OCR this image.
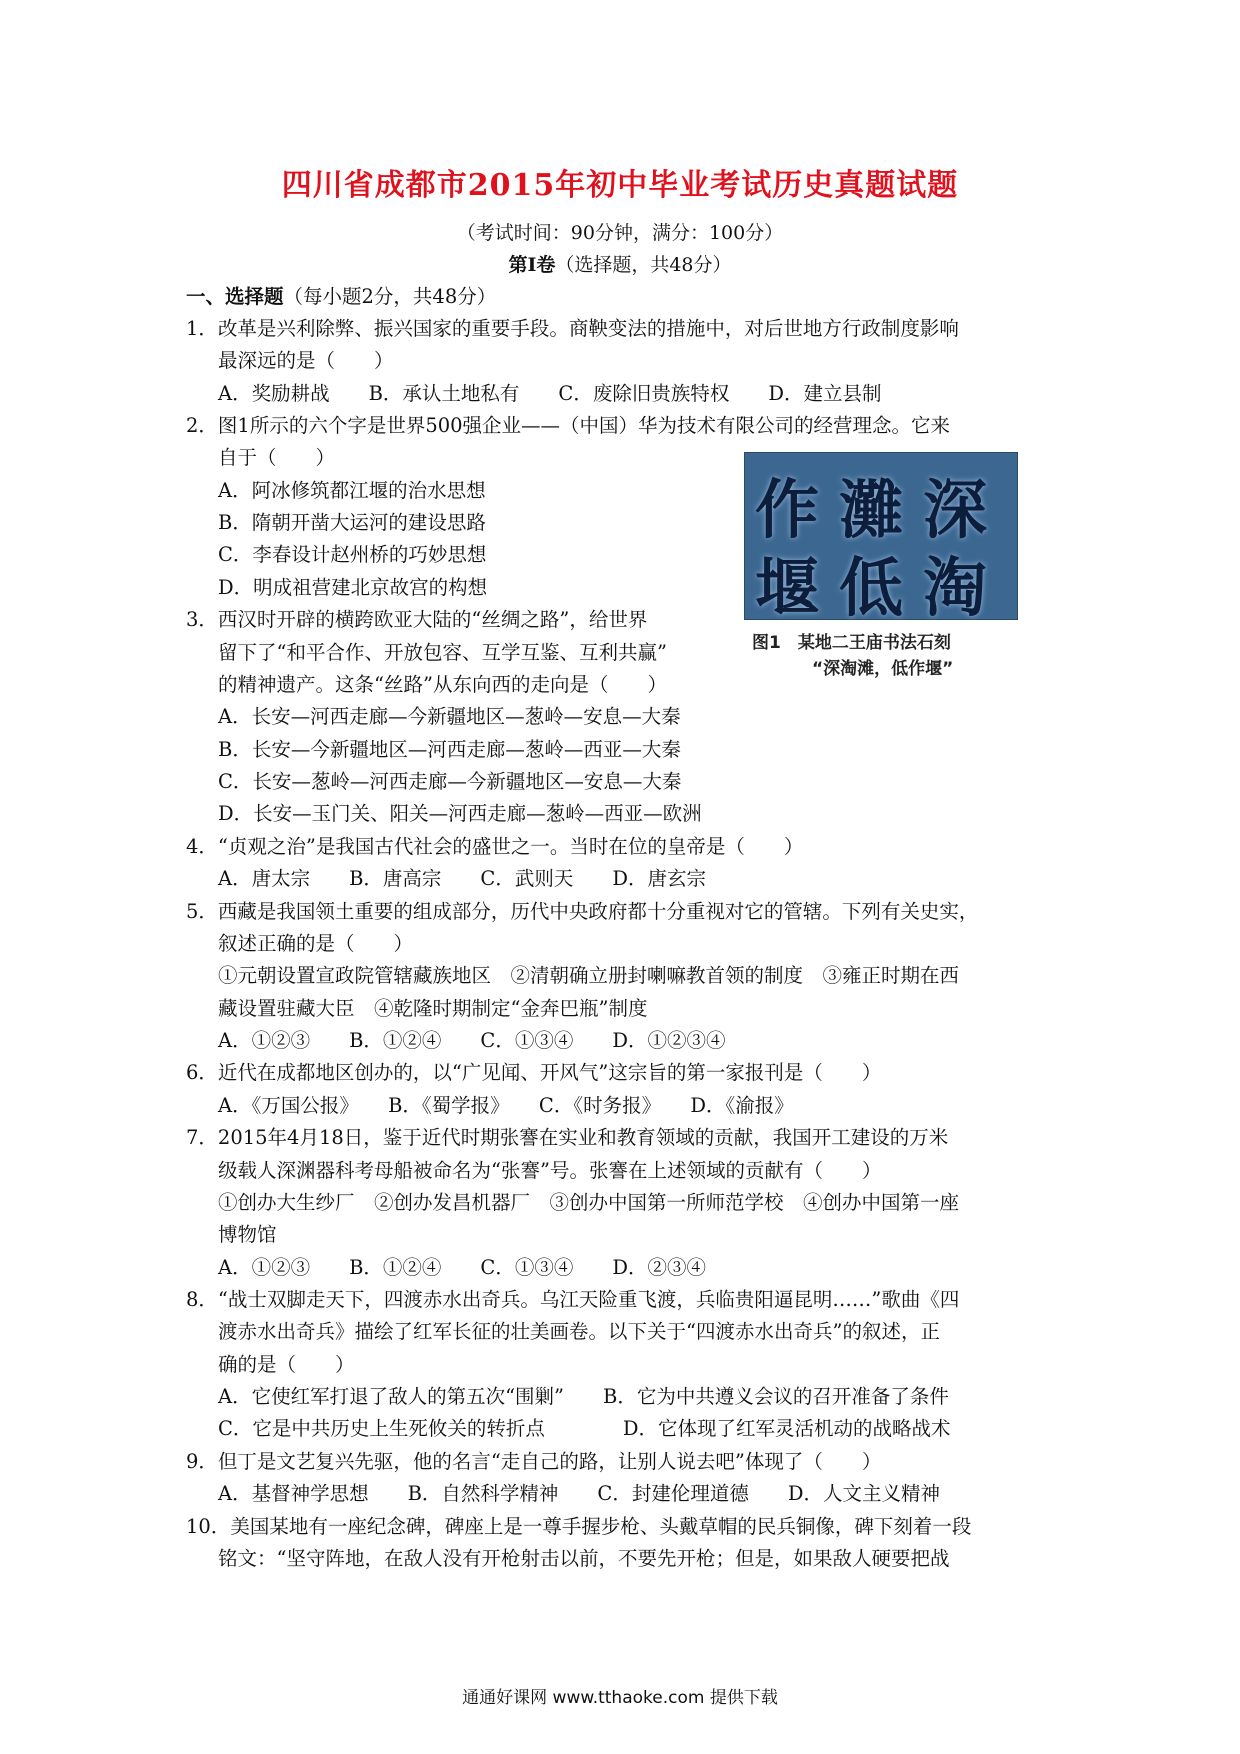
四川省成都市2015年初中毕业考试历史真题试题
（考试时间：90分钟，满分：100分）
第Ⅰ卷（选择题，共48分）
一、选择题（每小题2分，共48分）
1．改革是兴利除弊、振兴国家的重要手段。商鞅变法的措施中，对后世地方行政制度影响
最深远的是（　　）
A．奖励耕战　　B．承认土地私有　　C．废除旧贵族特权　　D．建立县制
2．图1所示的六个字是世界500强企业——（中国）华为技术有限公司的经营理念。它来
自于（　　）
A．阿冰修筑都江堰的治水思想
B．隋朝开凿大运河的建设思路
C．李春设计赵州桥的巧妙思想
D．明成祖营建北京故宫的构想
深
灘
作
淘
低
堰
图1　某地二王庙书法石刻
“深淘滩，低作堰”
3．西汉时开辟的横跨欧亚大陆的“丝绸之路”，给世界
留下了“和平合作、开放包容、互学互鉴、互利共赢”
的精神遗产。这条“丝路”从东向西的走向是（　　）
A．长安—河西走廊—今新疆地区—葱岭—安息—大秦
B．长安—今新疆地区—河西走廊—葱岭—西亚—大秦
C．长安—葱岭—河西走廊—今新疆地区—安息—大秦
D．长安—玉门关、阳关—河西走廊—葱岭—西亚—欧洲
4．“贞观之治”是我国古代社会的盛世之一。当时在位的皇帝是（　　）
A．唐太宗　　B．唐高宗　　C．武则天　　D．唐玄宗
5．西藏是我国领土重要的组成部分，历代中央政府都十分重视对它的管辖。下列有关史实，
叙述正确的是（　　）
①元朝设置宣政院管辖藏族地区　②清朝确立册封喇嘛教首领的制度　③雍正时期在西
藏设置驻藏大臣　④乾隆时期制定“金奔巴瓶”制度
A．①②③　　B．①②④　　C．①③④　　D．①②③④
6．近代在成都地区创办的，以“广见闻、开风气”这宗旨的第一家报刊是（　　）
A．《万国公报》　　B．《蜀学报》　　C．《时务报》　　D．《渝报》
7．2015年4月18日，鉴于近代时期张謇在实业和教育领域的贡献，我国开工建设的万米
级载人深渊器科考母船被命名为“张謇”号。张謇在上述领域的贡献有（　　）
①创办大生纱厂　②创办发昌机器厂　③创办中国第一所师范学校　④创办中国第一座
博物馆
A．①②③　　B．①②④　　C．①③④　　D．②③④
8．“战士双脚走天下，四渡赤水出奇兵。乌江天险重飞渡，兵临贵阳逼昆明……”歌曲《四
渡赤水出奇兵》描绘了红军长征的壮美画卷。以下关于“四渡赤水出奇兵”的叙述，正
确的是（　　）
A．它使红军打退了敌人的第五次“围剿”　　B．它为中共遵义会议的召开准备了条件
C．它是中共历史上生死攸关的转折点　　　　D．它体现了红军灵活机动的战略战术
9．但丁是文艺复兴先驱，他的名言“走自己的路，让别人说去吧”体现了（　　）
A．基督神学思想　　B．自然科学精神　　C．封建伦理道德　　D．人文主义精神
10．美国某地有一座纪念碑，碑座上是一尊手握步枪、头戴草帽的民兵铜像，碑下刻着一段
铭文：“坚守阵地，在敌人没有开枪射击以前，不要先开枪；但是，如果敌人硬要把战
通通好课网 www.tthaoke.com 提供下载
